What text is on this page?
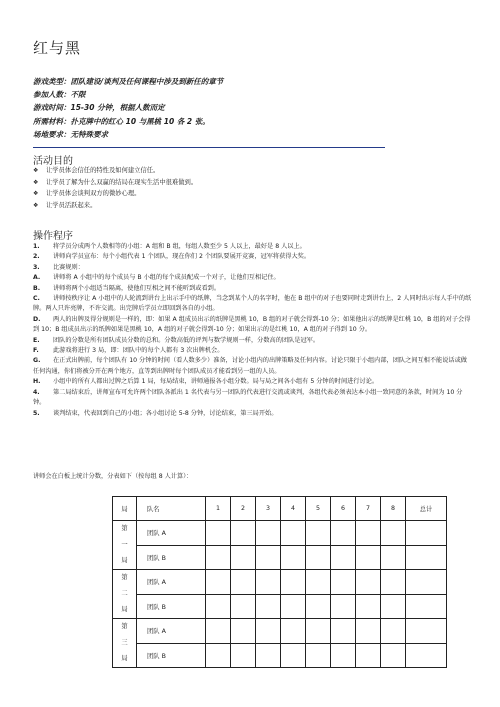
红与黑
游戏类型：团队建设/谈判及任何课程中涉及到新任的章节
参加人数：不限
游戏时间：15-30 分钟，根据人数而定
所需材料：扑克牌中的红心 10 与黑桃 10 各 2 张。
场地要求：无特殊要求
活动目的
❖ 让学员体会信任的特性及如何建立信任。
❖ 让学员了解为什么双赢的结局在现实生活中很难做到。
❖ 让学员体会谈判双方的微妙心理。
❖ 让学员活跃起来。
操作程序
1. 将学员分成两个人数相等的小组：A 组和 B 组，每组人数至少 5 人以上，最好是 8 人以上。
2. 讲师向学员宣布：每个小组代表 1 个团队，现在你们 2 个团队要展开竞赛，冠军将获得大奖。
3. 比赛规则：
A. 讲师将 A 小组中的每个成员与 B 小组的每个成员配成一个对子，让他们互相记住。
B. 讲师将两个小组适当隔离，使他们互相之间不能听到或看到。
C. 讲师按秩序让 A 小组中的人轮流到讲台上出示手中的纸牌，当念到某个人的名字时，他在 B 组中的对子也要同时走到讲台上，2 人同时出示每人手中的纸牌。两人只许亮牌，不许交流。出完牌后学员立即回到各自的小组。
D. 两人的出牌及得分规则是一样的，即：如果 A 组成员出示的纸牌是黑桃 10，B 组的对子就会得到-10 分；如果他出示的纸牌是红桃 10，B 组的对子会得到 10；B 组成员出示的纸牌如果是黑桃 10，A 组的对子就会得到-10 分；如果出示的是红桃 10，A 组的对子得到 10 分。
E. 团队的分数是所有团队成员分数的总和。分数高低的评判与数学规则一样，分数高的团队是冠军。
F. 此游戏将进行 3 局，即：团队中的每个人都有 3 次出牌机会。
G. 在正式出牌前，每个团队有 10 分钟的时间（看人数多少）准备，讨论小组内的出牌策略及任何内容。讨论只限于小组内部，团队之间互相不能说话或做任何沟通，你们将被分开在两个地方，直等到出牌时每个团队成员才能看到另一组的人员。
H. 小组中的所有人都出过牌之后算 1 局，每局结束，讲师通报各小组分数。局与局之间各小组有 5 分钟的时间进行讨论。
4. 第二局结束后，讲师宣布可允许两个团队各派出 1 名代表与另一团队的代表进行交流或谈判，各组代表必须表达本小组一致同意的条款，时间为 10 分钟。
5. 谈判结束，代表回到自己的小组；各小组讨论 5-8 分钟，讨论结束，第三局开始。
讲师会在白板上统计分数，分表如下（按每组 8 人计算）：
局	队名	1	2	3	4	5	6	7	8	总计

第
一
局	团队 A									
	团队 B									

第
二
局	团队 A									
	团队 B									

第
三
局	团队 A									
	团队 B									
